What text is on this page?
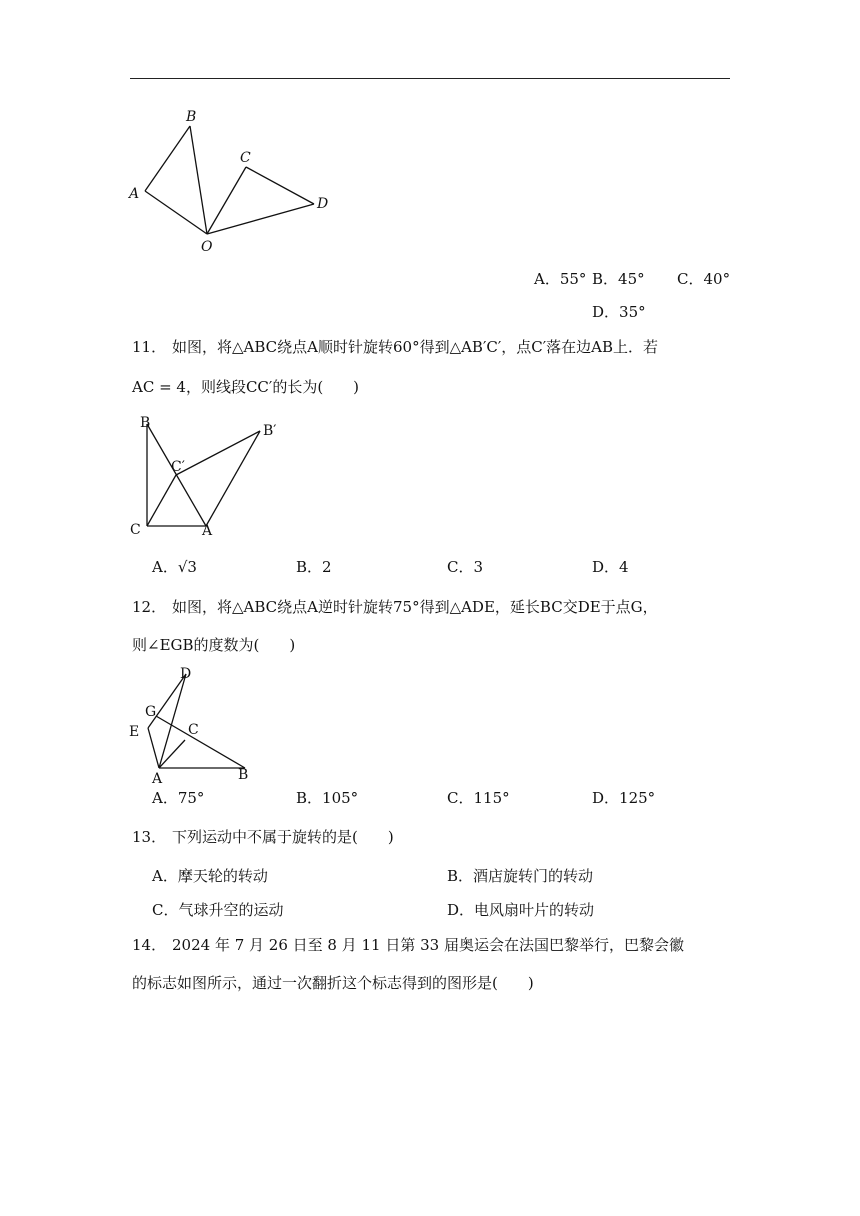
A
B
C
D
O
A．55° B．45° C．40°
D．35°
11． 如图，将△ABC绕点A顺时针旋转60°得到△AB′C′，点C′落在边AB上．若
AC = 4，则线段CC′的长为(　　)
B	B′
C′
C	A
A．√3	B．2	C．3	D．4
12． 如图，将△ABC绕点A逆时针旋转75°得到△ADE，延长BC交DE于点G，
则∠EGB的度数为(　　)
D
G
C
E
A	B
A．75°	B．105°	C．115°	D．125°
13． 下列运动中不属于旋转的是(　　)
A．摩天轮的转动	B．酒店旋转门的转动
C．气球升空的运动	D．电风扇叶片的转动
14． 2024 年 7 月 26 日至 8 月 11 日第 33 届奥运会在法国巴黎举行，巴黎会徽
的标志如图所示，通过一次翻折这个标志得到的图形是(　　)
